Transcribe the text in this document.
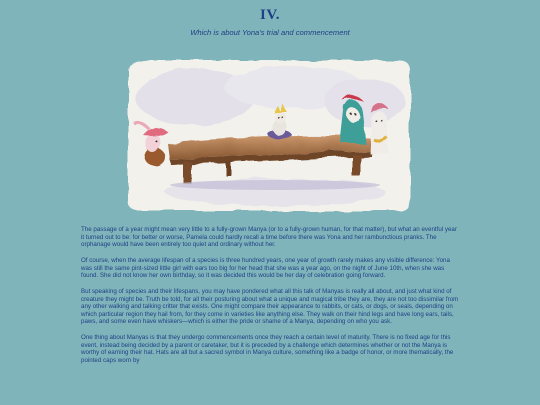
IV.
Which is about Yona's trial and commencement

The passage of a year might mean very little to a fully-grown Manya (or to a fully-grown human, for that matter), but what an eventful year it turned out to be: for better or worse, Pamela could hardly recall a time before there was Yona and her rambunctious pranks. The orphanage would have been entirely too quiet and ordinary without her.

Of course, when the average lifespan of a species is three hundred years, one year of growth rarely makes any visible difference: Yona was still the same pint-sized little girl with ears too big for her head that she was a year ago, on the night of June 10th, when she was found. She did not know her own birthday, so it was decided this would be her day of celebration going forward.

But speaking of species and their lifespans, you may have pondered what all this talk of Manyas is really all about, and just what kind of creature they might be. Truth be told, for all their posturing about what a unique and magical tribe they are, they are not too dissimilar from any other walking and talking critter that exists. One might compare their appearance to rabbits, or cats, or dogs, or seals, depending on which particular region they hail from, for they come in varieties like anything else. They walk on their hind legs and have long ears, tails, paws, and some even have whiskers—which is either the pride or shame of a Manya, depending on who you ask.

One thing about Manyas is that they undergo commencements once they reach a certain level of maturity. There is no fixed age for this event, instead being decided by a parent or caretaker, but it is preceded by a challenge which determines whether or not the Manya is worthy of earning their hat. Hats are all but a sacred symbol in Manya culture, something like a badge of honor, or more thematically, the pointed caps worn by
